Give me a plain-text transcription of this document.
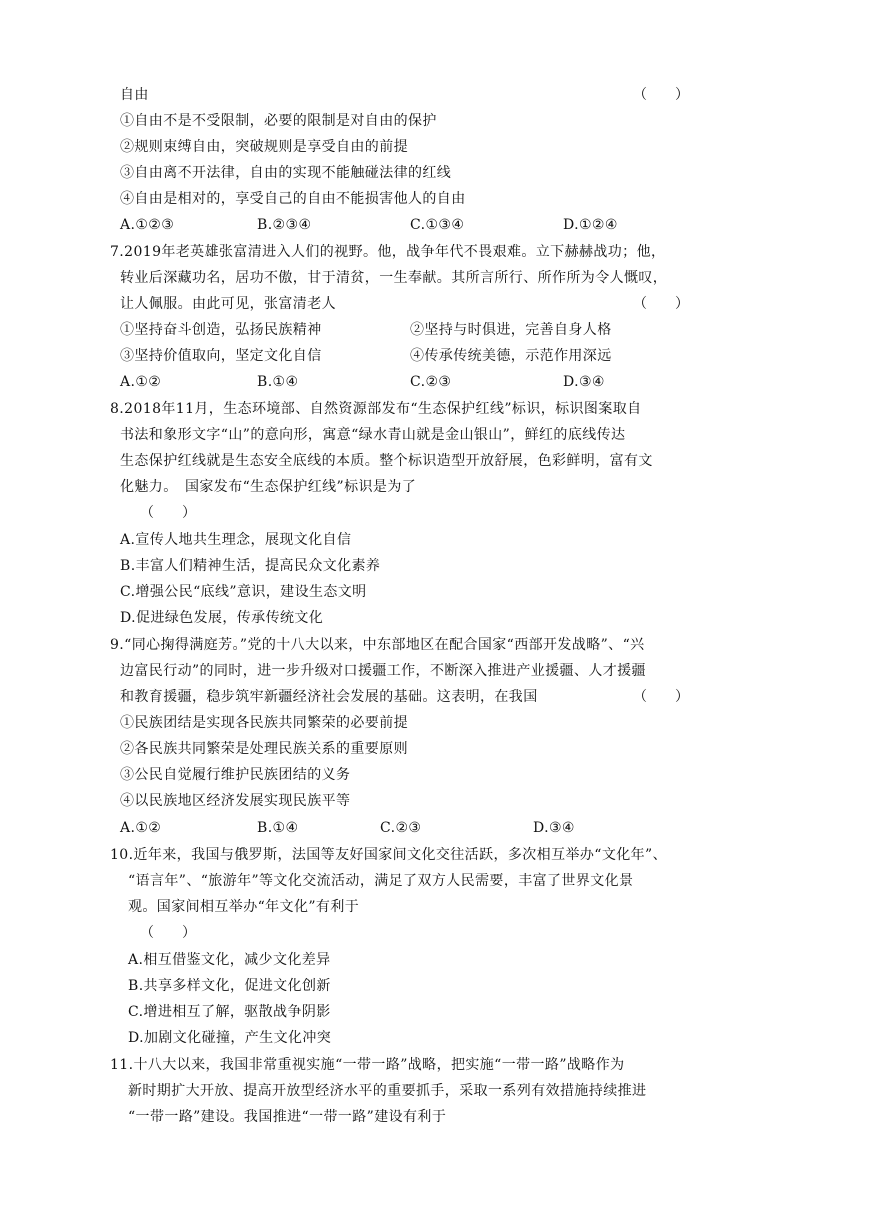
自由	（　　）
①自由不是不受限制，必要的限制是对自由的保护
②规则束缚自由，突破规则是享受自由的前提
③自由离不开法律，自由的实现不能触碰法律的红线
④自由是相对的，享受自己的自由不能损害他人的自由
A.①②③	B.②③④	C.①③④	D.①②④
7.2019年老英雄张富清进入人们的视野。他，战争年代不畏艰难。立下赫赫战功；他，
转业后深藏功名，居功不傲，甘于清贫，一生奉献。其所言所行、所作所为令人慨叹，
让人佩服。由此可见，张富清老人	（　　）
①坚持奋斗创造，弘扬民族精神	②坚持与时俱进，完善自身人格
③坚持价值取向，坚定文化自信	④传承传统美德，示范作用深远
A.①②	B.①④	C.②③	D.③④
8.2018年11月，生态环境部、自然资源部发布“生态保护红线”标识，标识图案取自
书法和象形文字“山”的意向形，寓意“绿水青山就是金山银山”，鲜红的底线传达
生态保护红线就是生态安全底线的本质。整个标识造型开放舒展，色彩鲜明，富有文
化魅力。　国家发布“生态保护红线”标识是为了
（　　）
A.宣传人地共生理念，展现文化自信
B.丰富人们精神生活，提高民众文化素养
C.增强公民“底线”意识，建设生态文明
D.促进绿色发展，传承传统文化
9.“同心掬得满庭芳。”党的十八大以来，中东部地区在配合国家“西部开发战略”、“兴
边富民行动”的同时，进一步升级对口援疆工作，不断深入推进产业援疆、人才援疆
和教育援疆，稳步筑牢新疆经济社会发展的基础。这表明，在我国	（　　）
①民族团结是实现各民族共同繁荣的必要前提
②各民族共同繁荣是处理民族关系的重要原则
③公民自觉履行维护民族团结的义务
④以民族地区经济发展实现民族平等
A.①②	B.①④	C.②③	D.③④
10.近年来，我国与俄罗斯，法国等友好国家间文化交往活跃，多次相互举办“文化年”、
“语言年”、“旅游年”等文化交流活动，满足了双方人民需要，丰富了世界文化景
观。国家间相互举办“年文化”有利于
（　　）
A.相互借鉴文化，减少文化差异
B.共享多样文化，促进文化创新
C.增进相互了解，驱散战争阴影
D.加剧文化碰撞，产生文化冲突
11.十八大以来，我国非常重视实施“一带一路”战略，把实施“一带一路”战略作为
新时期扩大开放、提高开放型经济水平的重要抓手，采取一系列有效措施持续推进
“一带一路”建设。我国推进“一带一路”建设有利于
